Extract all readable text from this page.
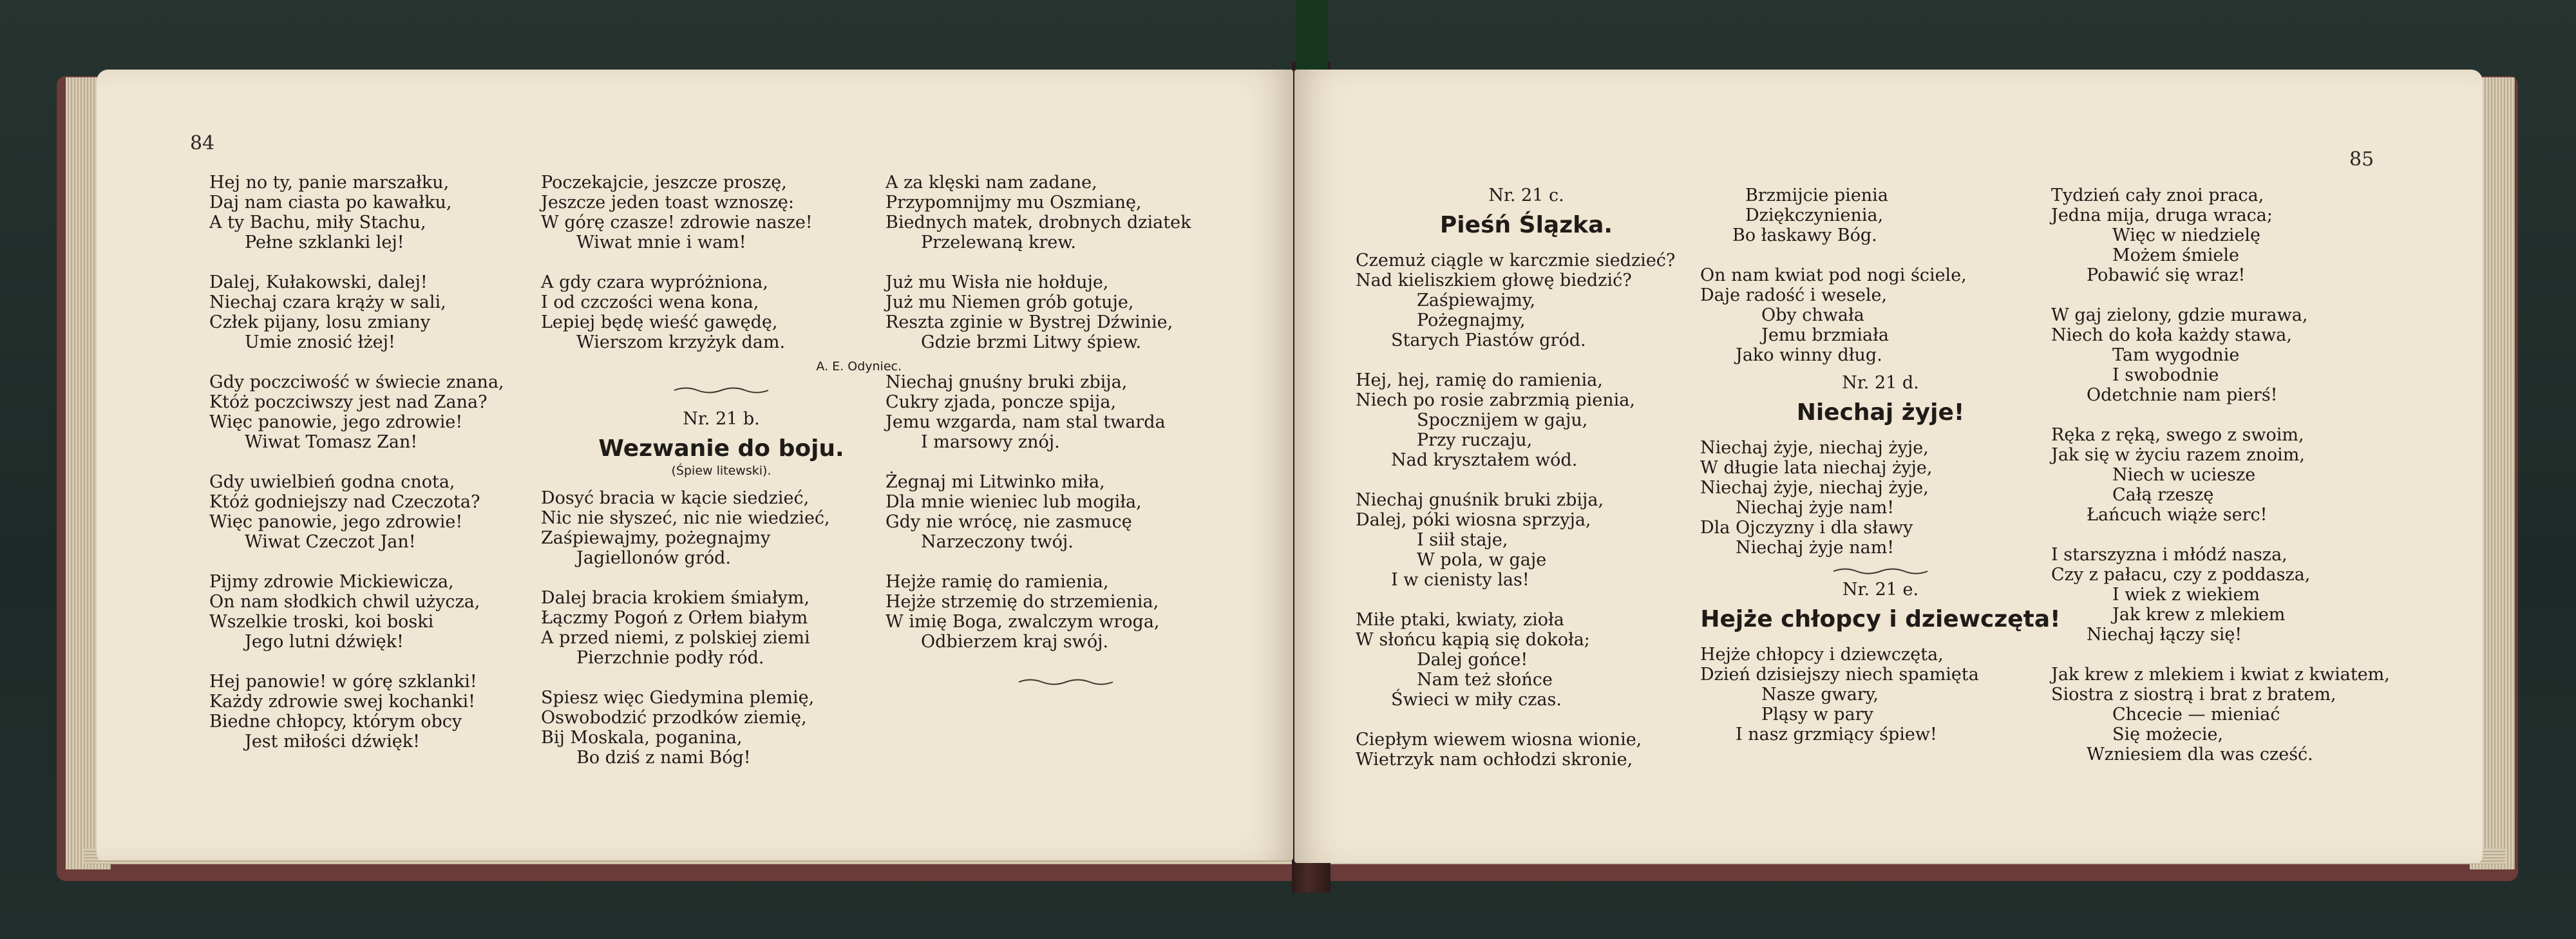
84
Hej no ty, panie marszałku,
Daj nam ciasta po kawałku,
A ty Bachu, miły Stachu,
Pełne szklanki lej!
Dalej, Kułakowski, dalej!
Niechaj czara krąży w sali,
Człek pijany, losu zmiany
Umie znosić łżej!
Gdy poczciwość w świecie znana,
Któż poczciwszy jest nad Zana?
Więc panowie, jego zdrowie!
Wiwat Tomasz Zan!
Gdy uwielbień godna cnota,
Któż godniejszy nad Czeczota?
Więc panowie, jego zdrowie!
Wiwat Czeczot Jan!
Pijmy zdrowie Mickiewicza,
On nam słodkich chwil użycza,
Wszelkie troski, koi boski
Jego lutni dźwięk!
Hej panowie! w górę szklanki!
Każdy zdrowie swej kochanki!
Biedne chłopcy, którym obcy
Jest miłości dźwięk!
Poczekajcie, jeszcze proszę,
Jeszcze jeden toast wznoszę:
W górę czasze! zdrowie nasze!
Wiwat mnie i wam!
A gdy czara wypróżniona,
I od czczości wena kona,
Lepiej będę wieść gawędę,
Wierszom krzyżyk dam.
A. E. Odyniec.
Nr. 21 b.
Wezwanie do boju.
(Śpiew litewski).
Dosyć bracia w kącie siedzieć,
Nic nie słyszeć, nic nie wiedzieć,
Zaśpiewajmy, pożegnajmy
Jagiellonów gród.
Dalej bracia krokiem śmiałym,
Łączmy Pogoń z Orłem białym
A przed niemi, z polskiej ziemi
Pierzchnie podły ród.
Spiesz więc Giedymina plemię,
Oswobodzić przodków ziemię,
Bij Moskala, poganina,
Bo dziś z nami Bóg!
A za klęski nam zadane,
Przypomnijmy mu Oszmianę,
Biednych matek, drobnych dziatek
Przelewaną krew.
Już mu Wisła nie hołduje,
Już mu Niemen grób gotuje,
Reszta zginie w Bystrej Dźwinie,
Gdzie brzmi Litwy śpiew.
Niechaj gnuśny bruki zbija,
Cukry zjada, poncze spija,
Jemu wzgarda, nam stal twarda
I marsowy znój.
Żegnaj mi Litwinko miła,
Dla mnie wieniec lub mogiła,
Gdy nie wrócę, nie zasmucę
Narzeczony twój.
Hejże ramię do ramienia,
Hejże strzemię do strzemienia,
W imię Boga, zwalczym wroga,
Odbierzem kraj swój.
85
Nr. 21 c.
Pieśń Ślązka.
Czemuż ciągle w karczmie siedzieć?
Nad kieliszkiem głowę biedzić?
Zaśpiewajmy,
Pożegnajmy,
Starych Piastów gród.
Hej, hej, ramię do ramienia,
Niech po rosie zabrzmią pienia,
Spocznijem w gaju,
Przy ruczaju,
Nad kryształem wód.
Niechaj gnuśnik bruki zbija,
Dalej, póki wiosna sprzyja,
I siił staje,
W pola, w gaje
I w cienisty las!
Miłe ptaki, kwiaty, zioła
W słońcu kąpią się dokoła;
Dalej gońce!
Nam też słońce
Świeci w miły czas.
Ciepłym wiewem wiosna wionie,
Wietrzyk nam ochłodzi skronie,
Brzmijcie pienia
Dziękczynienia,
Bo łaskawy Bóg.
On nam kwiat pod nogi ściele,
Daje radość i wesele,
Oby chwała
Jemu brzmiała
Jako winny dług.
Nr. 21 d.
Niechaj żyje!
Niechaj żyje, niechaj żyje,
W długie lata niechaj żyje,
Niechaj żyje, niechaj żyje,
Niechaj żyje nam!
Dla Ojczyzny i dla sławy
Niechaj żyje nam!
Nr. 21 e.
Hejże chłopcy i dziewczęta!
Hejże chłopcy i dziewczęta,
Dzień dzisiejszy niech spamięta
Nasze gwary,
Pląsy w pary
I nasz grzmiący śpiew!
Tydzień cały znoi praca,
Jedna mija, druga wraca;
Więc w niedzielę
Możem śmiele
Pobawić się wraz!
W gaj zielony, gdzie murawa,
Niech do koła każdy stawa,
Tam wygodnie
I swobodnie
Odetchnie nam pierś!
Ręka z ręką, swego z swoim,
Jak się w życiu razem znoim,
Niech w uciesze
Całą rzeszę
Łańcuch wiąże serc!
I starszyzna i młódź nasza,
Czy z pałacu, czy z poddasza,
I wiek z wiekiem
Jak krew z mlekiem
Niechaj łączy się!
Jak krew z mlekiem i kwiat z kwiatem,
Siostra z siostrą i brat z bratem,
Chcecie — mieniać
Się możecie,
Wzniesiem dla was cześć.
